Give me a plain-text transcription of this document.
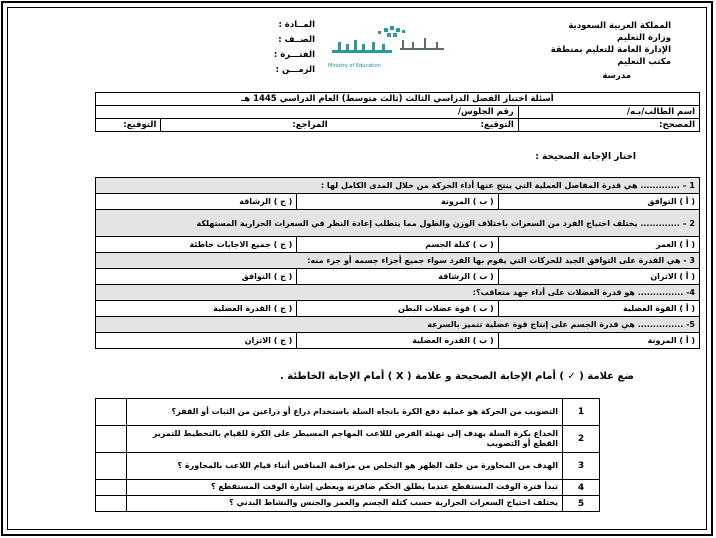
المملكة العربية السعودية
وزارة التعليم
الإدارة العامة للتعليم بمنطقة
مكتب التعليم
مدرسة
Ministry of Education
المــادة :
الصــف :
الفتـــرة :
الزمـــن :
أسئلة اختبار الفصل الدراسي الثالث (ثالث متوسط) العام الدراسي 1445 هـ		
اسم الطالب/بـه/	رقم الجلوس/	
المصحح:	التوقيع: المراجع:	التوقيع:
اختار الإجابة الصحيحة :
1 – ............. هي قدرة المفاصل العملية التي ينتج عنها أداء الحركة من خلال المدى الكامل لها :		
( أ ) التوافق	( ب ) المرونة	( ج ) الرشاقة
2 – ............. يختلف احتياج الفرد من السعرات باختلاف الوزن والطول مما يتطلب إعادة النظر في السعرات الحرارية المستهلكة		
( أ ) العمر	( ب ) كتلة الجسم	( ج ) جميع الاجابات خاطئة
3 - هي القدرة على التوافق الجيد للحركات التي يقوم بها الفرد سواء جميع أجزاء جسمه أو جزء منه:		
( أ ) الاتزان	( ب ) الرشاقة	( ج ) التوافق
4- ............... هو قدرة العضلات على أداء جهد متعاقب؟:		
( أ ) القوة العضلية	( ب ) قوة عضلات البطن	( ج ) القدرة العضلية
5- ............... هي قدرة الجسم على إنتاج قوة عضلية تتميز بالسرعة		
( أ ) المرونة	( ب ) القدرة العضلية	( ج ) الاتزان
ضع علامة ( ✓ ) أمام الإجابة الصحيحة و علامة ( X ) أمام الإجابة الخاطئة .
1	التصويب من الحركة هو عملية دفع الكرة باتجاه السلة باستخدام ذراع أو ذراعين من الثبات أو القفز؟	
2	الخداع بكرة السلة يهدف إلى تهيئة الفرص لللاعب المهاجم المسيطر على الكرة للقيام بالتخطيط للتمرير القطع أو التصويب	
3	الهدف من المحاورة من خلف الظهر هو التخلص من مراقبة المنافس أثناء قيام اللاعب بالمحاورة ؟	
4	تبدأ فترة الوقت المستقطع عندما يطلق الحكم صافرته ويعطي إشارة الوقت المستقطع ؟	
5	يختلف احتياج السعرات الحرارية حسب كتلة الجسم والعمر والجنس والنشاط البدني ؟	
